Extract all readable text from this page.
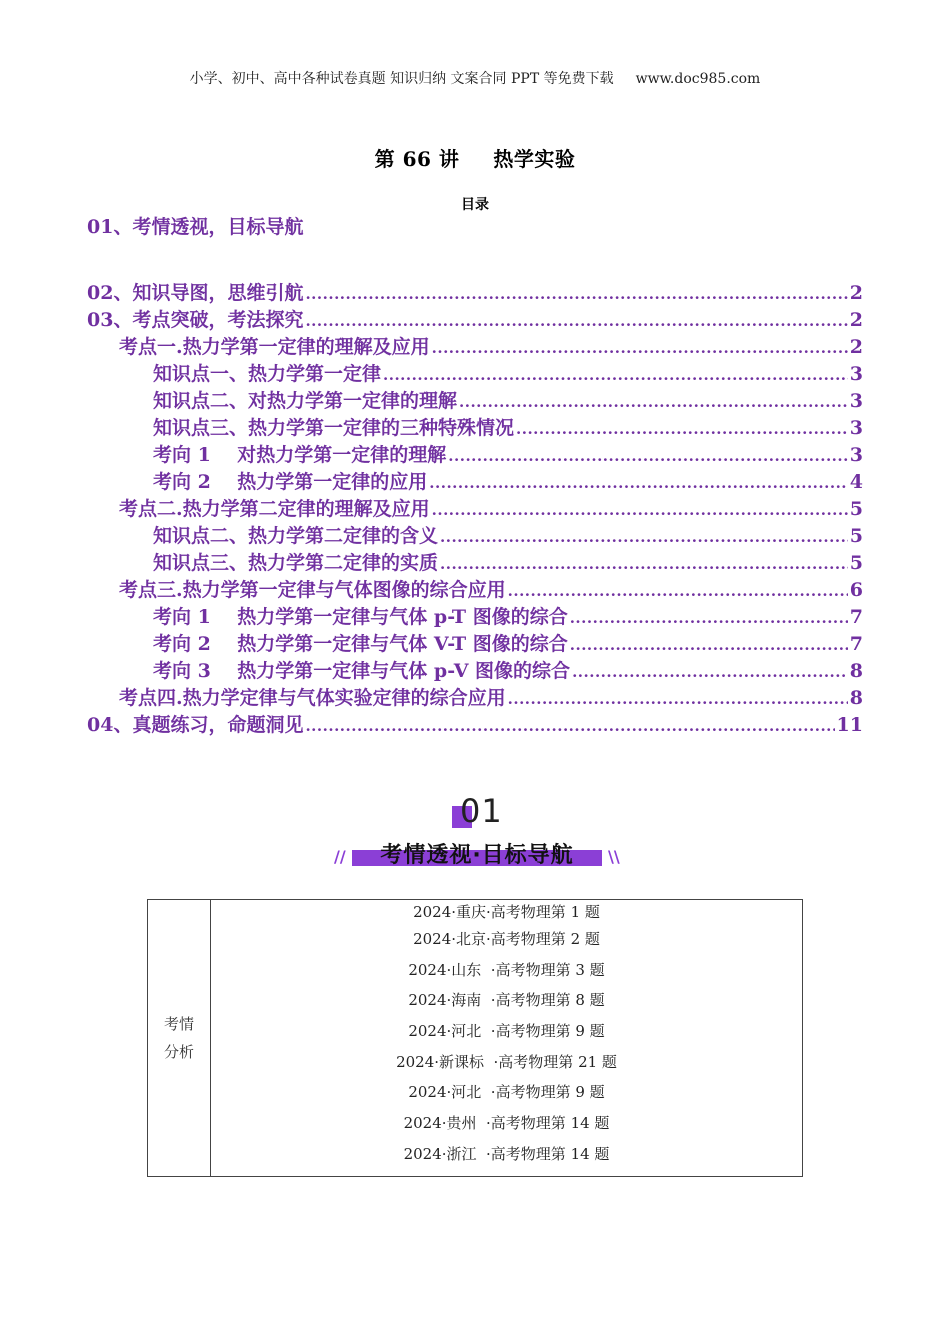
小学、初中、高中各种试卷真题 知识归纳 文案合同 PPT 等免费下载 www.doc985.com
第 66 讲 热学实验
目录
01、考情透视，目标导航
02、知识导图，思维引航 .....	2
03、考点突破，考法探究 .....	2
考点一.热力学第一定律的理解及应用 .....	2
知识点一、热力学第一定律 .....	3
知识点二、对热力学第一定律的理解 .....	3
知识点三、热力学第一定律的三种特殊情况 .....	3
考向 1    对热力学第一定律的理解 .....	3
考向 2    热力学第一定律的应用 .....	4
考点二.热力学第二定律的理解及应用 .....	5
知识点二、热力学第二定律的含义 .....	5
知识点三、热力学第二定律的实质 .....	5
考点三.热力学第一定律与气体图像的综合应用 .....	6
考向 1    热力学第一定律与气体 p-T 图像的综合 .....	7
考向 2    热力学第一定律与气体 V-T 图像的综合 .....	7
考向 3    热力学第一定律与气体 p-V 图像的综合 .....	8
考点四.热力学定律与气体实验定律的综合应用 .....	8
04、真题练习，命题洞见 .....	11
01
//	考情透视·目标导航	\\
考情
分析

2024·重庆·高考物理第 1 题
2024·北京·高考物理第 2 题
2024·山东  ·高考物理第 3 题
2024·海南  ·高考物理第 8 题
2024·河北  ·高考物理第 9 题
2024·新课标  ·高考物理第 21 题
2024·河北  ·高考物理第 9 题
2024·贵州  ·高考物理第 14 题
2024·浙江  ·高考物理第 14 题
